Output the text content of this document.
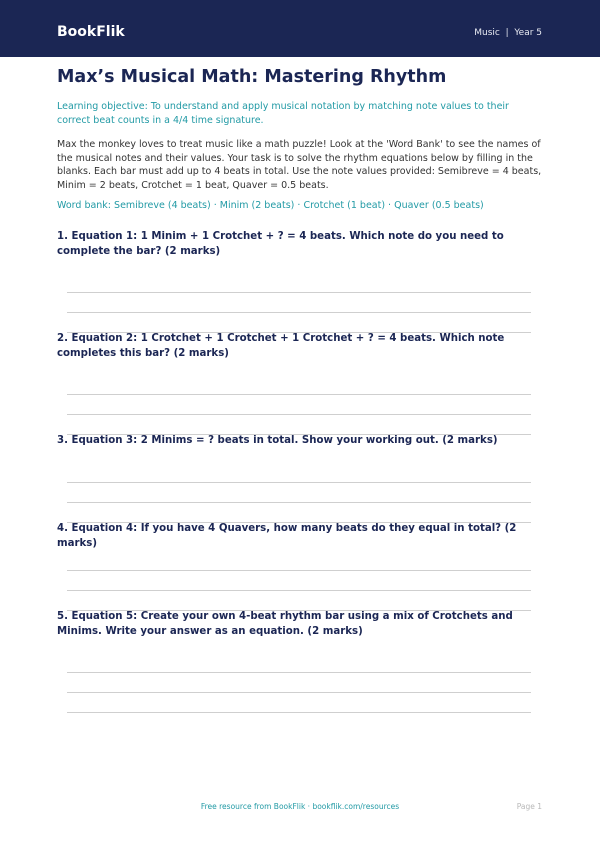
BookFlik	Music  |  Year 5
Max’s Musical Math: Mastering Rhythm
Learning objective: To understand and apply musical notation by matching note values to their correct beat counts in a 4/4 time signature.
Max the monkey loves to treat music like a math puzzle! Look at the 'Word Bank' to see the names of the musical notes and their values. Your task is to solve the rhythm equations below by filling in the blanks. Each bar must add up to 4 beats in total. Use the note values provided: Semibreve = 4 beats, Minim = 2 beats, Crotchet = 1 beat, Quaver = 0.5 beats.
Word bank: Semibreve (4 beats) · Minim (2 beats) · Crotchet (1 beat) · Quaver (0.5 beats)
1. Equation 1: 1 Minim + 1 Crotchet + ? = 4 beats. Which note do you need to complete the bar? (2 marks)
2. Equation 2: 1 Crotchet + 1 Crotchet + 1 Crotchet + ? = 4 beats. Which note completes this bar? (2 marks)
3. Equation 3: 2 Minims = ? beats in total. Show your working out. (2 marks)
4. Equation 4: If you have 4 Quavers, how many beats do they equal in total? (2 marks)
5. Equation 5: Create your own 4-beat rhythm bar using a mix of Crotchets and Minims. Write your answer as an equation. (2 marks)
Free resource from BookFlik · bookflik.com/resources	Page 1
